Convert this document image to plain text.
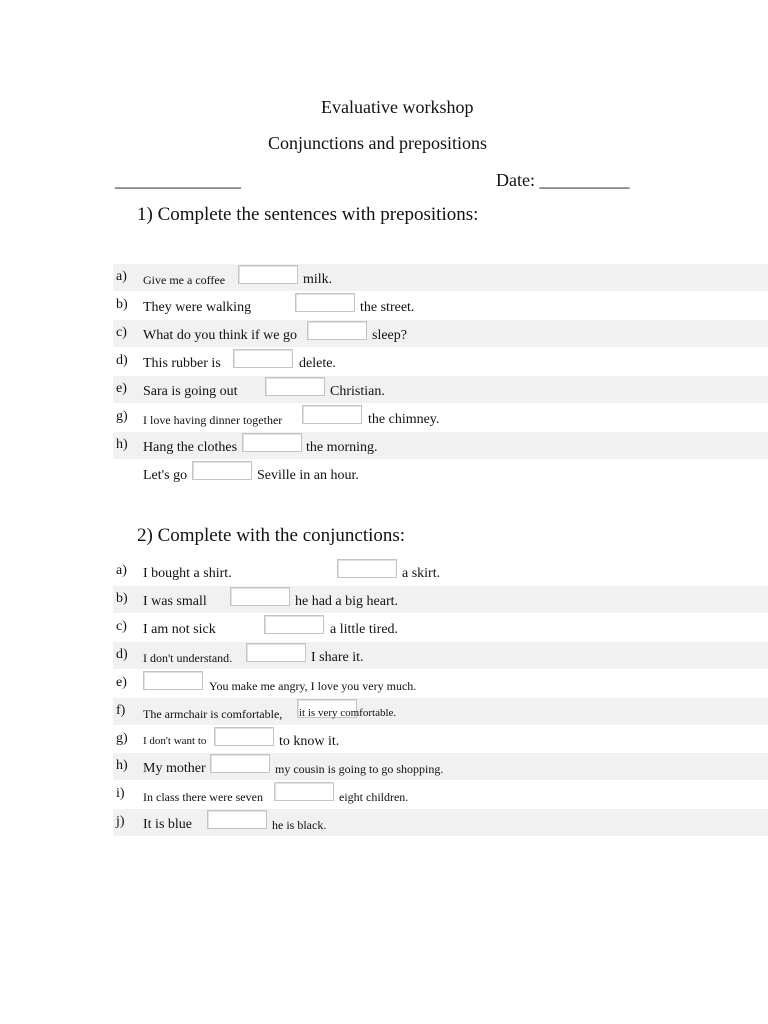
Evaluative workshop
Conjunctions and prepositions
______________	Date: __________
1) Complete the sentences with prepositions:
a) Give me a coffee	milk.
b) They were walking	the street.
c) What do you think if we go	sleep?
d) This rubber is	delete.
e) Sara is going out	Christian.
g) I love having dinner together	the chimney.
h) Hang the clothes	the morning.
Let's go	Seville in an hour.
2) Complete with the conjunctions:
a) I bought a shirt.	a skirt.
b) I was small	he had a big heart.
c) I am not sick	a little tired.
d) I don't understand.	I share it.
e)	You make me angry, I love you very much.
f) The armchair is comfortable, it is very comfortable.
g) I don't want to	to know it.
h) My mother	my cousin is going to go shopping.
i) In class there were seven	eight children.
j) It is blue	he is black.
